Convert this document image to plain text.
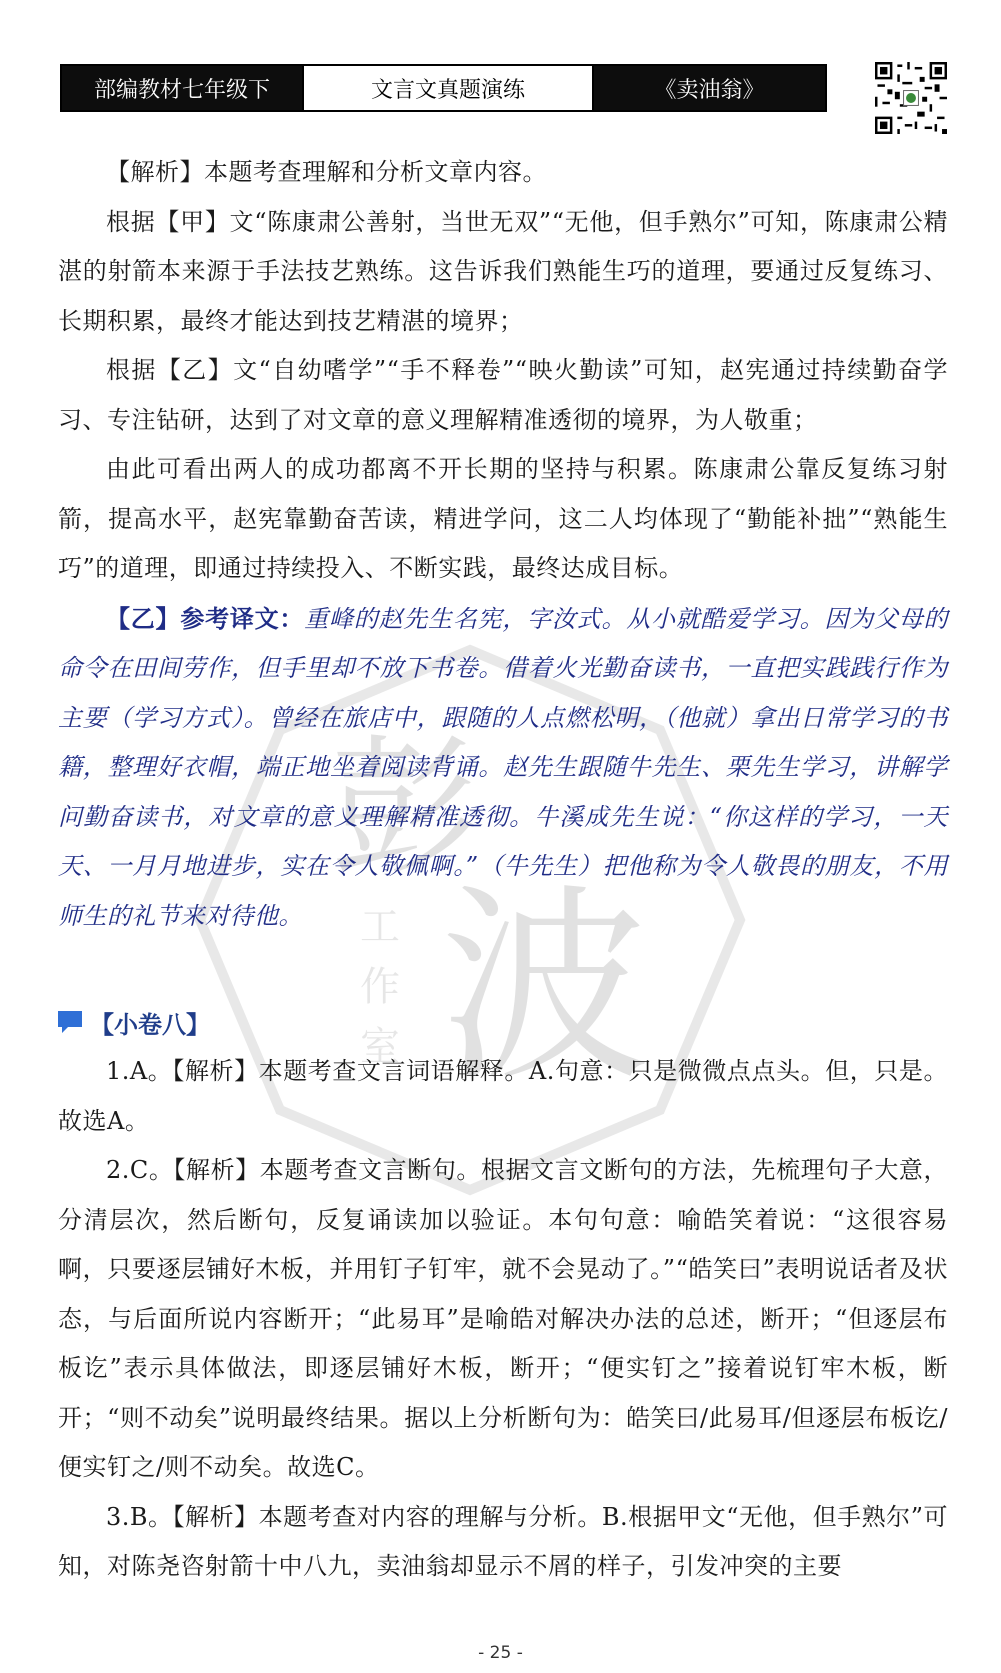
部编教材七年级下	文言文真题演练	《卖油翁》
彭
波
工
作
室

【解析】本题考查理解和分析文章内容。

根据【甲】文“陈康肃公善射，当世无双”“无他，但手熟尔”可知，陈康肃公精湛的射箭本来源于手法技艺熟练。这告诉我们熟能生巧的道理，要通过反复练习、长期积累，最终才能达到技艺精湛的境界；

根据【乙】文“自幼嗜学”“手不释卷”“映火勤读”可知，赵宪通过持续勤奋学习、专注钻研，达到了对文章的意义理解精准透彻的境界，为人敬重；

由此可看出两人的成功都离不开长期的坚持与积累。陈康肃公靠反复练习射箭，提高水平，赵宪靠勤奋苦读，精进学问，这二人均体现了“勤能补拙”“熟能生巧”的道理，即通过持续投入、不断实践，最终达成目标。

【乙】参考译文：重峰的赵先生名宪，字汝式。从小就酷爱学习。因为父母的命令在田间劳作，但手里却不放下书卷。借着火光勤奋读书，一直把实践践行作为主要（学习方式）。曾经在旅店中，跟随的人点燃松明，（他就）拿出日常学习的书籍，整理好衣帽，端正地坐着阅读背诵。赵先生跟随牛先生、栗先生学习，讲解学问勤奋读书，对文章的意义理解精准透彻。牛溪成先生说：“你这样的学习，一天天、一月月地进步，实在令人敬佩啊。”（牛先生）把他称为令人敬畏的朋友，不用师生的礼节来对待他。

【小卷八】

1.A。【解析】本题考查文言词语解释。A.句意：只是微微点点头。但，只是。故选A。

2.C。【解析】本题考查文言断句。根据文言文断句的方法，先梳理句子大意，分清层次，然后断句，反复诵读加以验证。本句句意：喻皓笑着说：“这很容易啊，只要逐层铺好木板，并用钉子钉牢，就不会晃动了。”“皓笑曰”表明说话者及状态，与后面所说内容断开；“此易耳”是喻皓对解决办法的总述，断开；“但逐层布板讫”表示具体做法，即逐层铺好木板，断开；“便实钉之”接着说钉牢木板，断开；“则不动矣”说明最终结果。据以上分析断句为：皓笑曰/此易耳/但逐层布板讫/便实钉之/则不动矣。故选C。

3.B。【解析】本题考查对内容的理解与分析。B.根据甲文“无他，但手熟尔”可知，对陈尧咨射箭十中八九，卖油翁却显示不屑的样子，引发冲突的主要

- 25 -
